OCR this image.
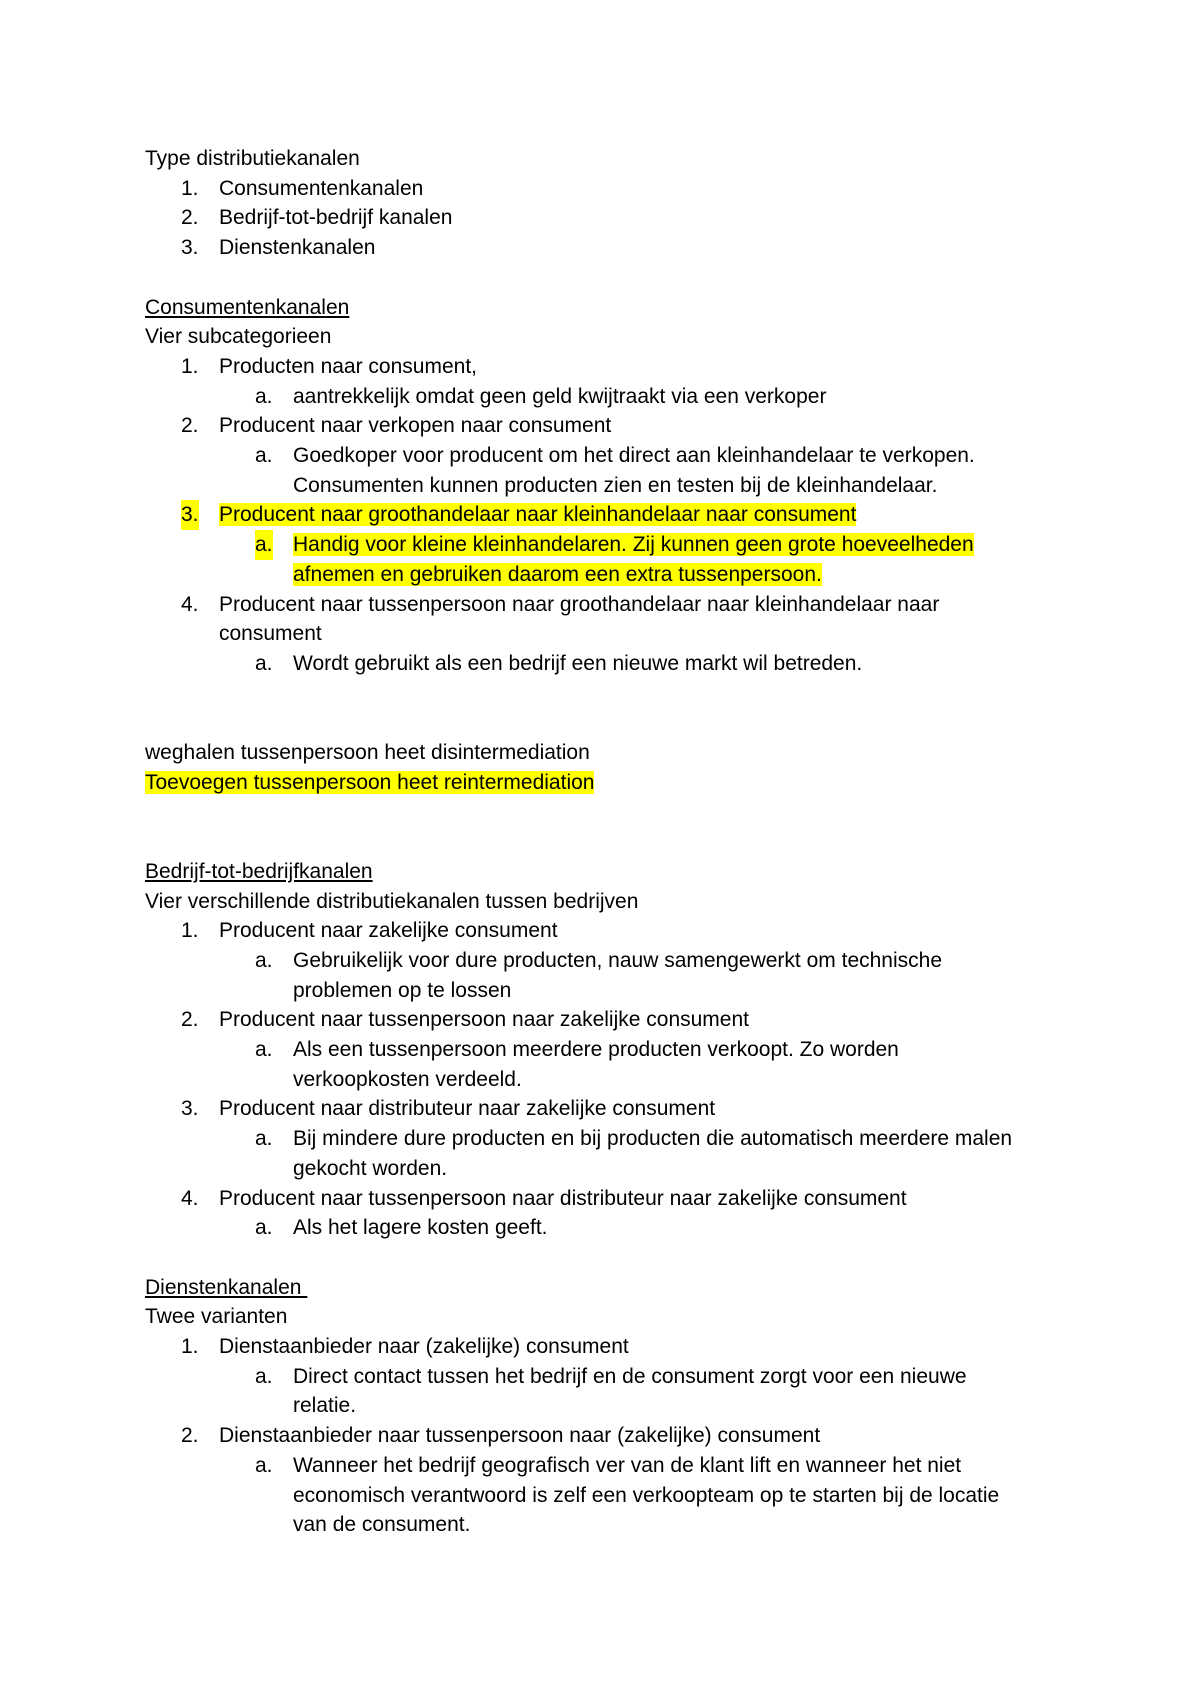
Type distributiekanalen
1. Consumentenkanalen
2. Bedrijf-tot-bedrijf kanalen
3. Dienstenkanalen
Consumentenkanalen
Vier subcategorieen
1. Producten naar consument,
a. aantrekkelijk omdat geen geld kwijtraakt via een verkoper
2. Producent naar verkopen naar consument
a. Goedkoper voor producent om het direct aan kleinhandelaar te verkopen.
Consumenten kunnen producten zien en testen bij de kleinhandelaar.
3. Producent naar groothandelaar naar kleinhandelaar naar consument
a. Handig voor kleine kleinhandelaren. Zij kunnen geen grote hoeveelheden
afnemen en gebruiken daarom een extra tussenpersoon.
4. Producent naar tussenpersoon naar groothandelaar naar kleinhandelaar naar
consument
a. Wordt gebruikt als een bedrijf een nieuwe markt wil betreden.
weghalen tussenpersoon heet disintermediation
Toevoegen tussenpersoon heet reintermediation
Bedrijf-tot-bedrijfkanalen
Vier verschillende distributiekanalen tussen bedrijven
1. Producent naar zakelijke consument
a. Gebruikelijk voor dure producten, nauw samengewerkt om technische
problemen op te lossen
2. Producent naar tussenpersoon naar zakelijke consument
a. Als een tussenpersoon meerdere producten verkoopt. Zo worden
verkoopkosten verdeeld.
3. Producent naar distributeur naar zakelijke consument
a. Bij mindere dure producten en bij producten die automatisch meerdere malen
gekocht worden.
4. Producent naar tussenpersoon naar distributeur naar zakelijke consument
a. Als het lagere kosten geeft.
Dienstenkanalen
Twee varianten
1. Dienstaanbieder naar (zakelijke) consument
a. Direct contact tussen het bedrijf en de consument zorgt voor een nieuwe
relatie.
2. Dienstaanbieder naar tussenpersoon naar (zakelijke) consument
a. Wanneer het bedrijf geografisch ver van de klant lift en wanneer het niet
economisch verantwoord is zelf een verkoopteam op te starten bij de locatie
van de consument.
